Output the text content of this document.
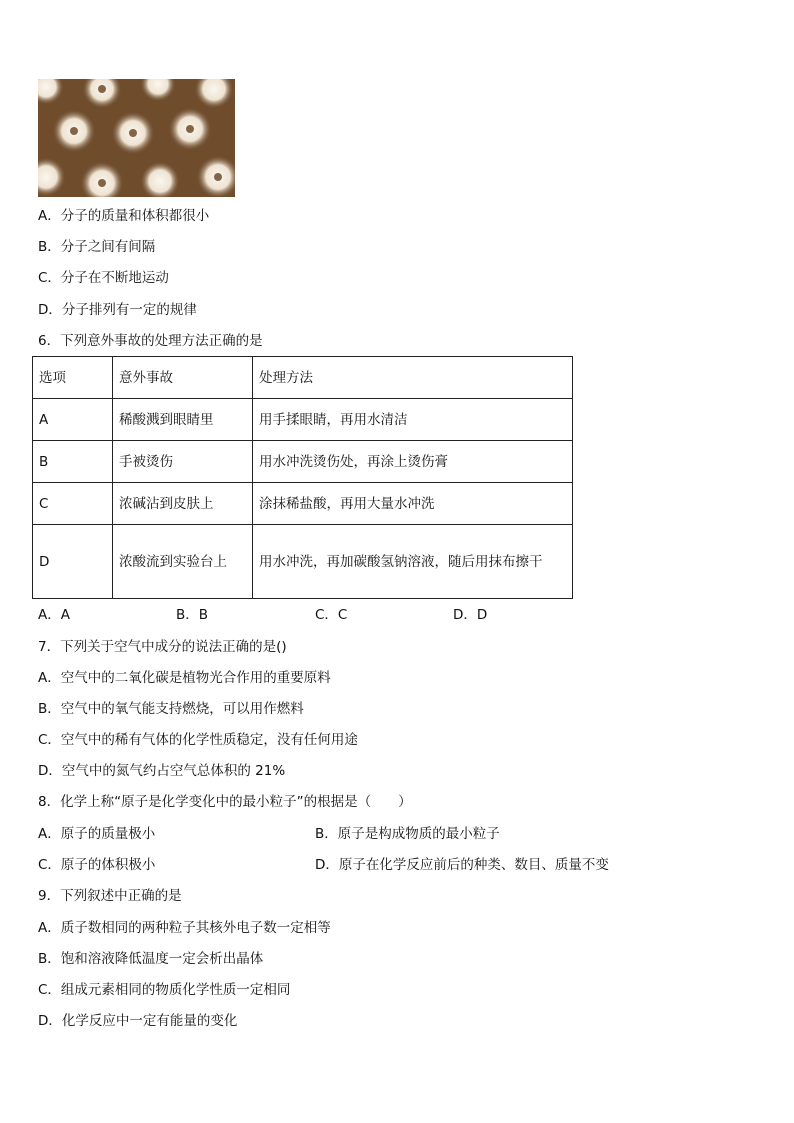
A．分子的质量和体积都很小
B．分子之间有间隔
C．分子在不断地运动
D．分子排列有一定的规律
6．下列意外事故的处理方法正确的是
选项	意外事故	处理方法
A	稀酸溅到眼睛里	用手揉眼睛，再用水清洁
B	手被烫伤	用水冲洗烫伤处，再涂上烫伤膏
C	浓碱沾到皮肤上	涂抹稀盐酸，再用大量水冲洗
D	浓酸流到实验台上	用水冲洗，再加碳酸氢钠溶液，随后用抹布擦干
A．A	B．B	C．C	D．D
7．下列关于空气中成分的说法正确的是()
A．空气中的二氧化碳是植物光合作用的重要原料
B．空气中的氧气能支持燃烧，可以用作燃料
C．空气中的稀有气体的化学性质稳定，没有任何用途
D．空气中的氮气约占空气总体积的 21%
8．化学上称“原子是化学变化中的最小粒子”的根据是（　　）
A．原子的质量极小	B．原子是构成物质的最小粒子
C．原子的体积极小	D．原子在化学反应前后的种类、数目、质量不变
9．下列叙述中正确的是
A．质子数相同的两种粒子其核外电子数一定相等
B．饱和溶液降低温度一定会析出晶体
C．组成元素相同的物质化学性质一定相同
D．化学反应中一定有能量的变化
